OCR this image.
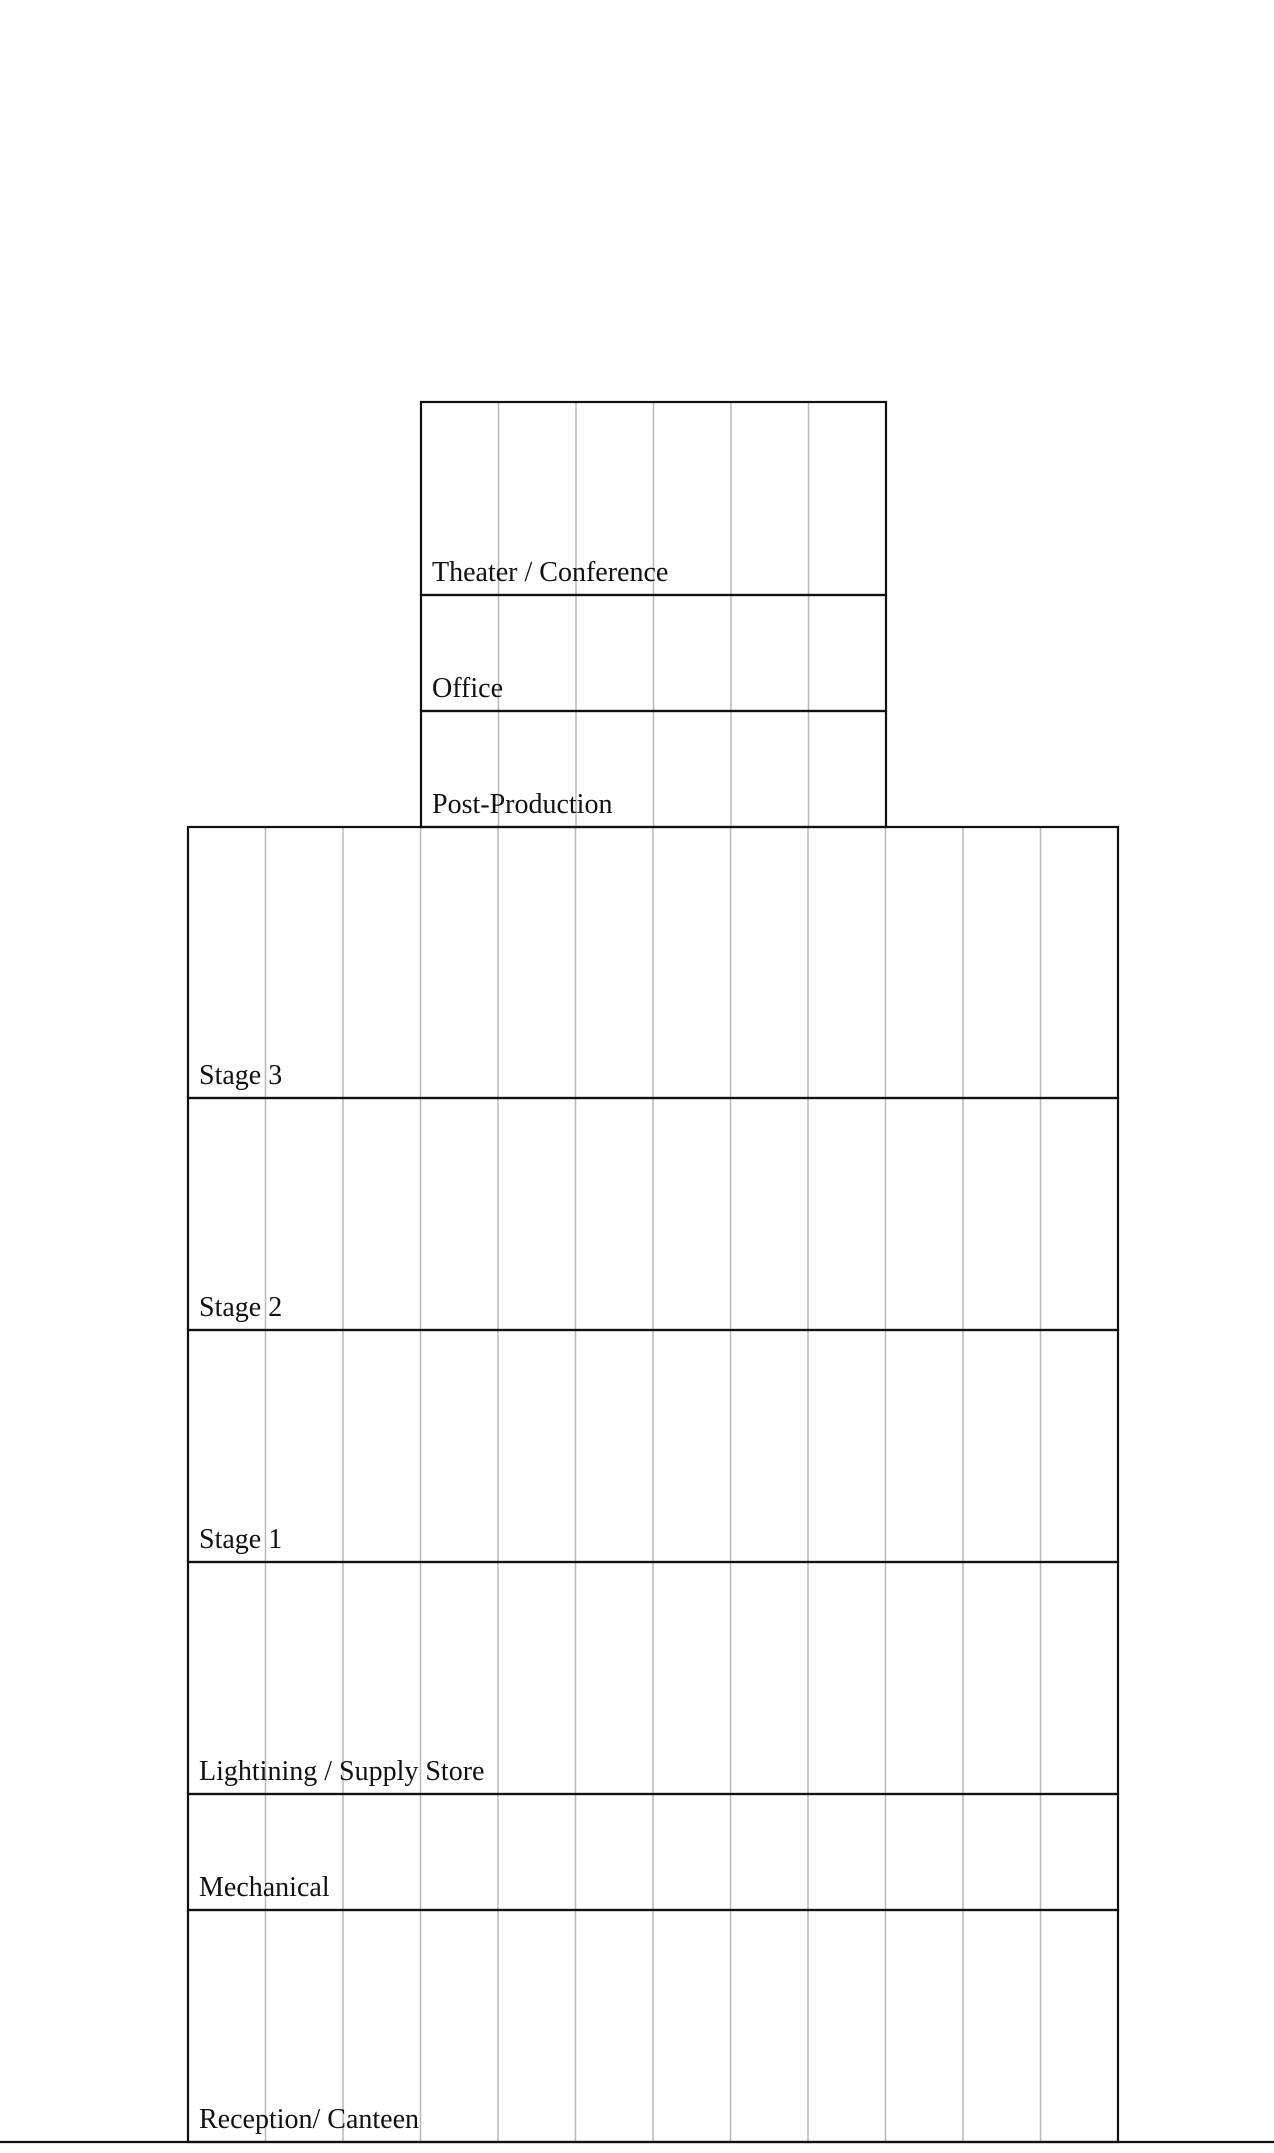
Theater / Conference
Office
Post-Production
Stage 3
Stage 2
Stage 1
Lightining / Supply Store
Mechanical
Reception/ Canteen
